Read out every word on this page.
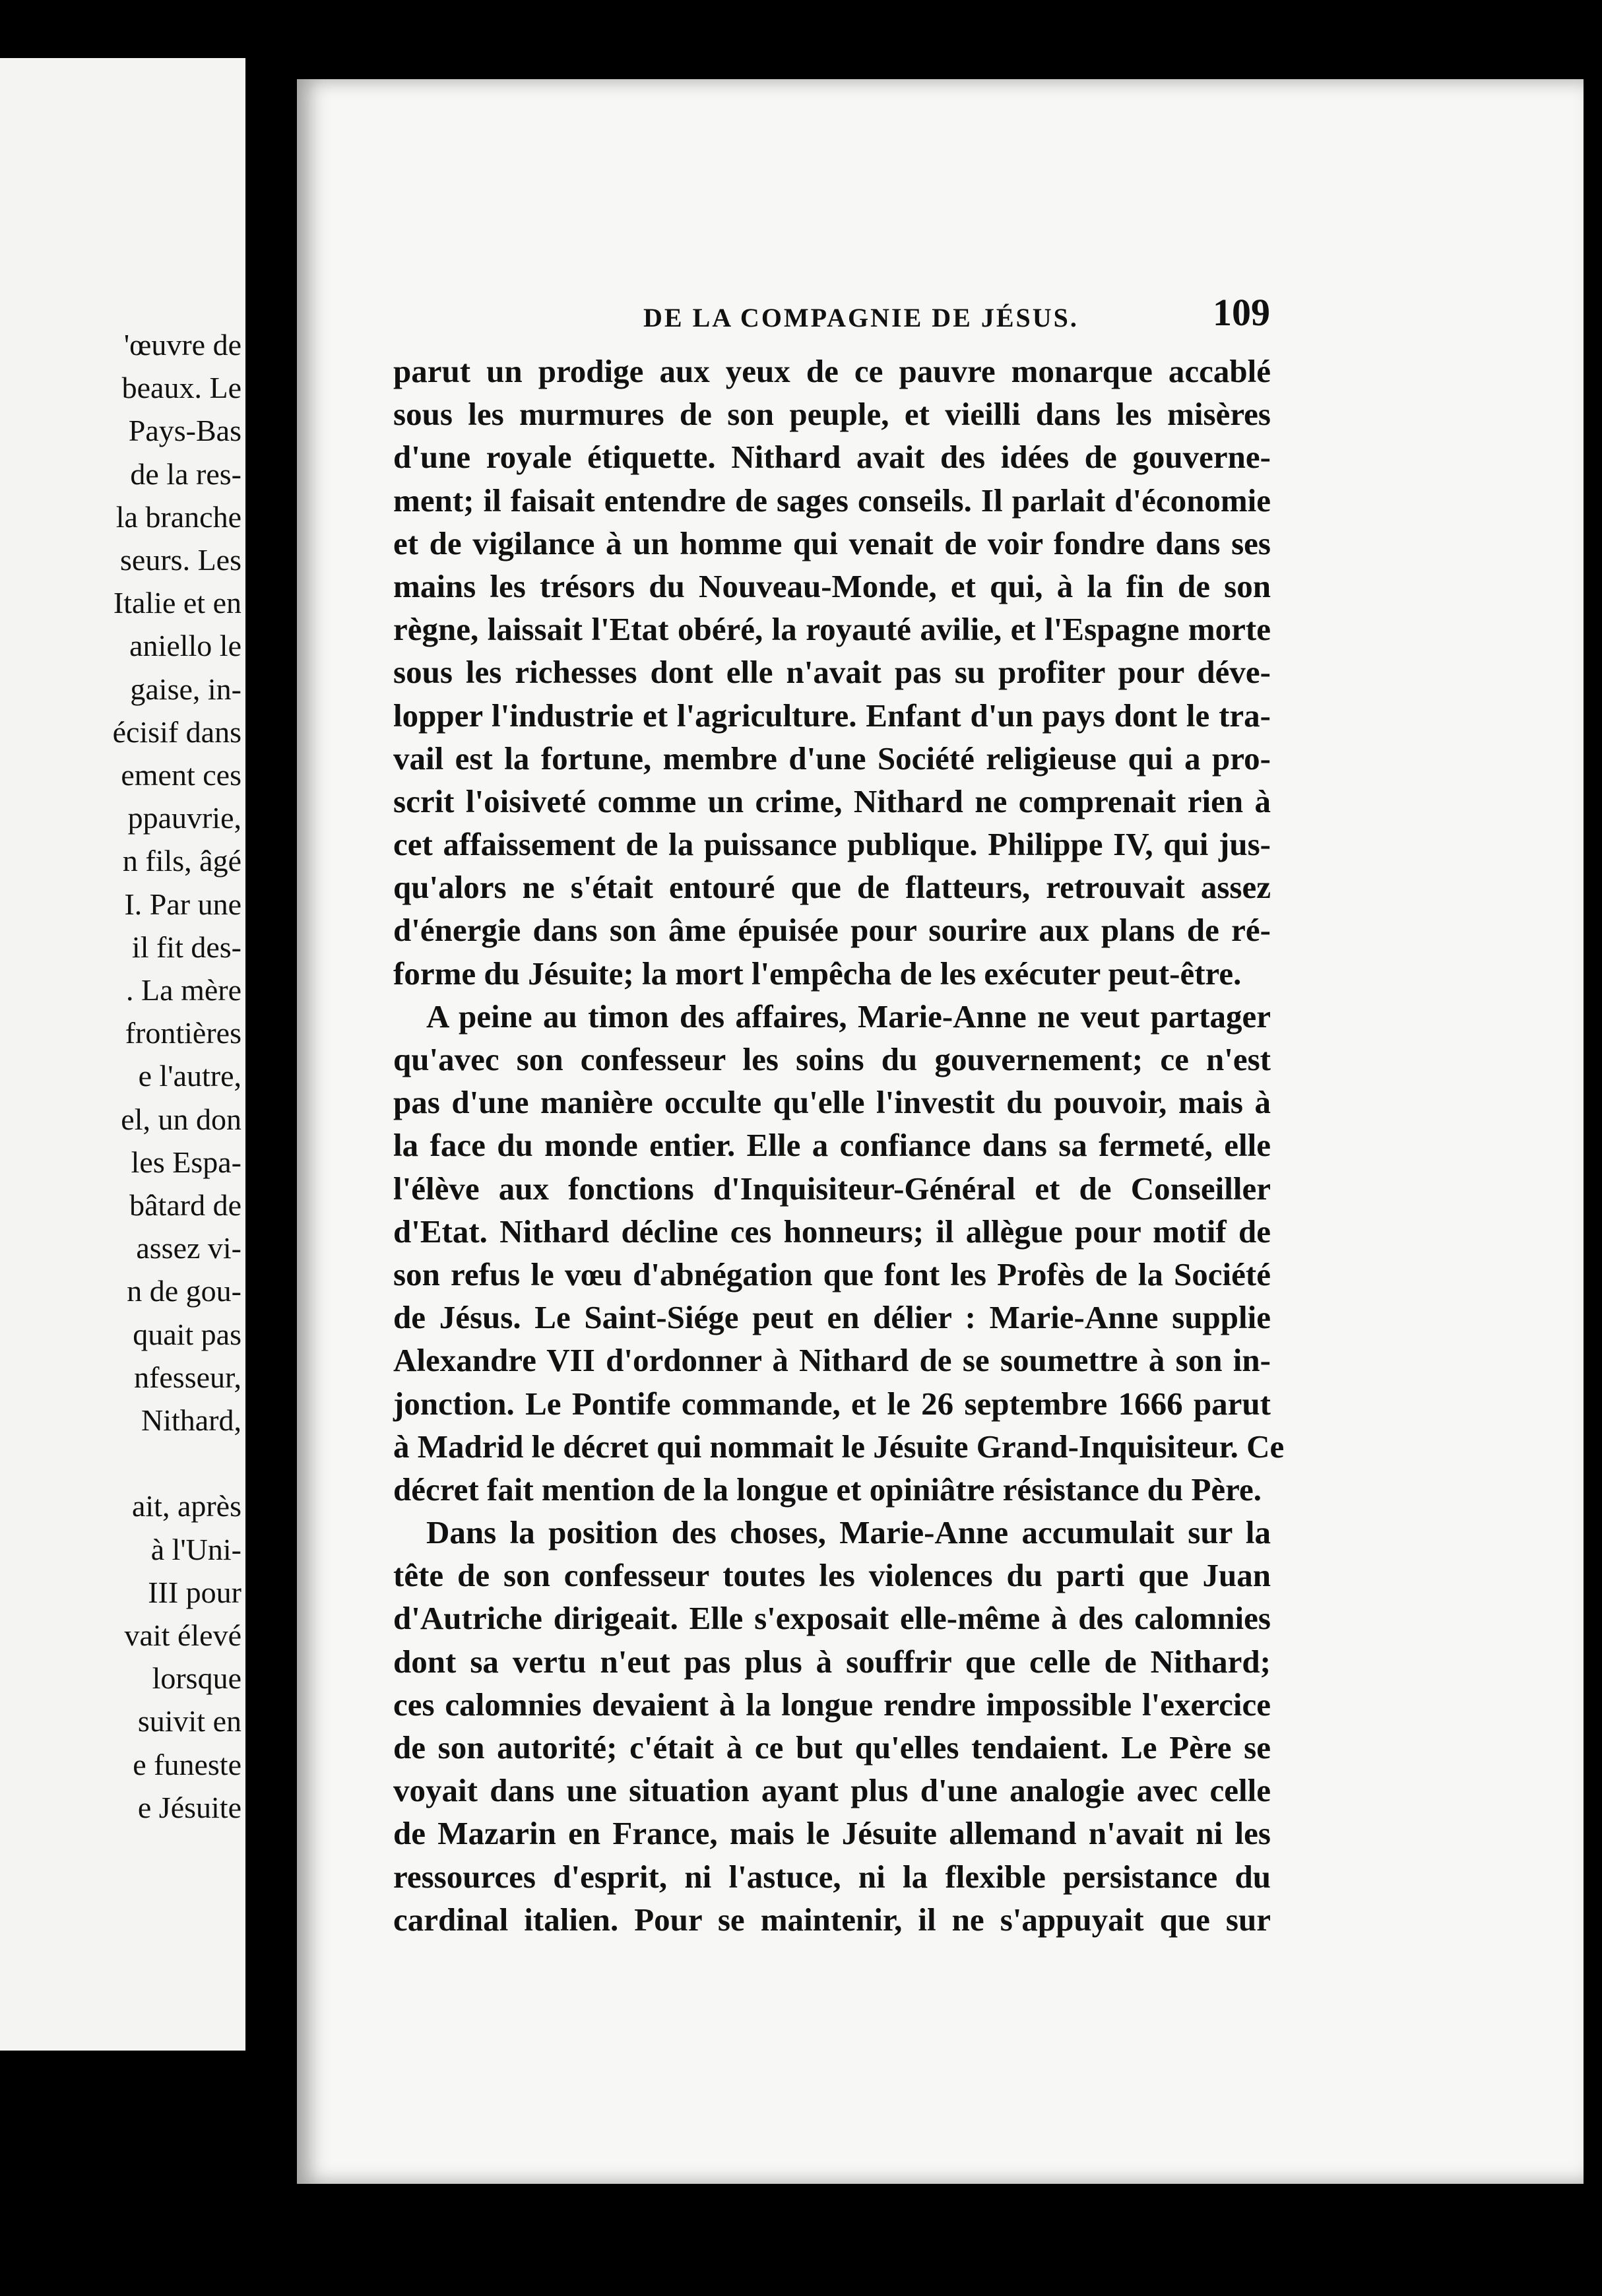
'œuvre de
beaux. Le
Pays-Bas
de la res-
la branche
seurs. Les
Italie et en
aniello le
gaise, in-
écisif dans
ement ces
ppauvrie,
n fils, âgé
I. Par une
il fit des-
. La mère
frontières
e l'autre,
el, un don
les Espa-
bâtard de
assez vi-
n de gou-
quait pas
nfesseur,
Nithard,
ait, après
à l'Uni-
III pour
vait élevé
lorsque
suivit en
e funeste
e Jésuite
DE LA COMPAGNIE DE JÉSUS.	109
parut un prodige aux yeux de ce pauvre monarque accablé
sous les murmures de son peuple, et vieilli dans les misères
d'une royale étiquette. Nithard avait des idées de gouverne-
ment; il faisait entendre de sages conseils. Il parlait d'économie
et de vigilance à un homme qui venait de voir fondre dans ses
mains les trésors du Nouveau-Monde, et qui, à la fin de son
règne, laissait l'Etat obéré, la royauté avilie, et l'Espagne morte
sous les richesses dont elle n'avait pas su profiter pour déve-
lopper l'industrie et l'agriculture. Enfant d'un pays dont le tra-
vail est la fortune, membre d'une Société religieuse qui a pro-
scrit l'oisiveté comme un crime, Nithard ne comprenait rien à
cet affaissement de la puissance publique. Philippe IV, qui jus-
qu'alors ne s'était entouré que de flatteurs, retrouvait assez
d'énergie dans son âme épuisée pour sourire aux plans de ré-
forme du Jésuite; la mort l'empêcha de les exécuter peut-être.
A peine au timon des affaires, Marie-Anne ne veut partager
qu'avec son confesseur les soins du gouvernement; ce n'est
pas d'une manière occulte qu'elle l'investit du pouvoir, mais à
la face du monde entier. Elle a confiance dans sa fermeté, elle
l'élève aux fonctions d'Inquisiteur-Général et de Conseiller
d'Etat. Nithard décline ces honneurs; il allègue pour motif de
son refus le vœu d'abnégation que font les Profès de la Société
de Jésus. Le Saint-Siége peut en délier : Marie-Anne supplie
Alexandre VII d'ordonner à Nithard de se soumettre à son in-
jonction. Le Pontife commande, et le 26 septembre 1666 parut
à Madrid le décret qui nommait le Jésuite Grand-Inquisiteur. Ce
décret fait mention de la longue et opiniâtre résistance du Père.
Dans la position des choses, Marie-Anne accumulait sur la
tête de son confesseur toutes les violences du parti que Juan
d'Autriche dirigeait. Elle s'exposait elle-même à des calomnies
dont sa vertu n'eut pas plus à souffrir que celle de Nithard;
ces calomnies devaient à la longue rendre impossible l'exercice
de son autorité; c'était à ce but qu'elles tendaient. Le Père se
voyait dans une situation ayant plus d'une analogie avec celle
de Mazarin en France, mais le Jésuite allemand n'avait ni les
ressources d'esprit, ni l'astuce, ni la flexible persistance du
cardinal italien. Pour se maintenir, il ne s'appuyait que sur
